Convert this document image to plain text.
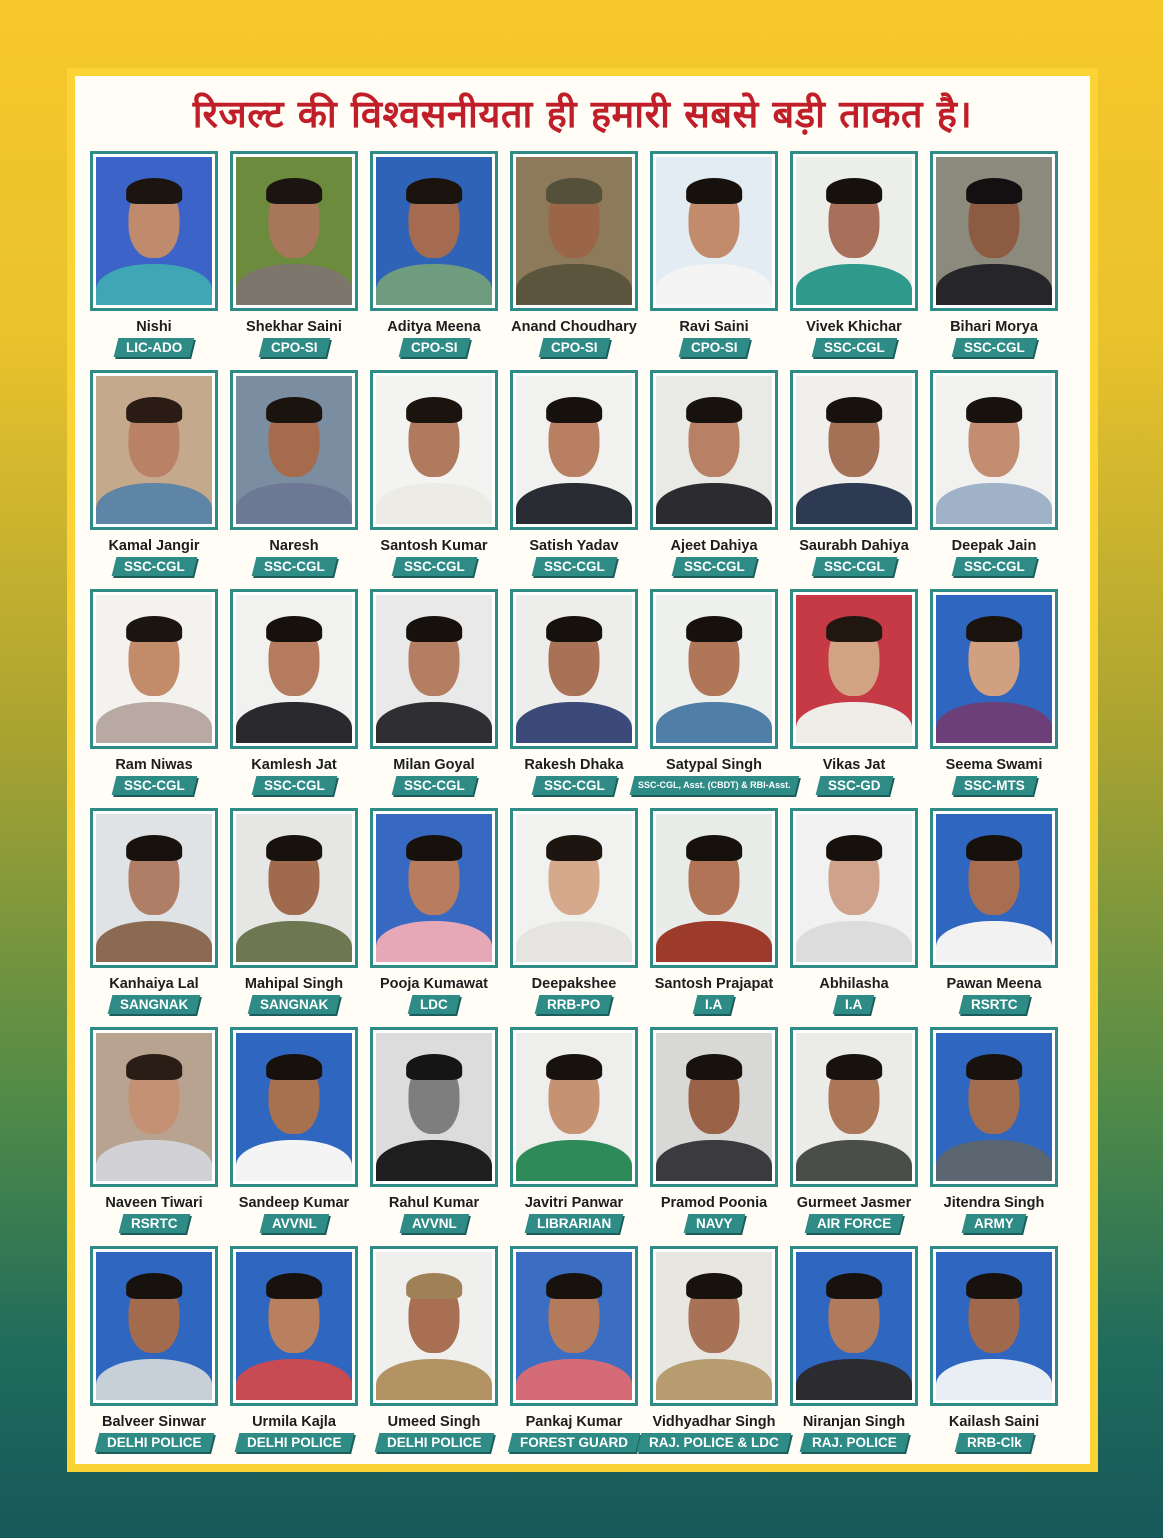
रिजल्ट की विश्वसनीयता ही हमारी सबसे बड़ी ताकत है।
Nishi
LIC-ADO
Shekhar Saini
CPO-SI
Aditya Meena
CPO-SI
Anand Choudhary
CPO-SI
Ravi Saini
CPO-SI
Vivek Khichar
SSC-CGL
Bihari Morya
SSC-CGL
Kamal Jangir
SSC-CGL
Naresh
SSC-CGL
Santosh Kumar
SSC-CGL
Satish Yadav
SSC-CGL
Ajeet Dahiya
SSC-CGL
Saurabh Dahiya
SSC-CGL
Deepak Jain
SSC-CGL
Ram Niwas
SSC-CGL
Kamlesh Jat
SSC-CGL
Milan Goyal
SSC-CGL
Rakesh Dhaka
SSC-CGL
Satypal Singh
SSC-CGL, Asst. (CBDT) & RBI-Asst.
Vikas Jat
SSC-GD
Seema Swami
SSC-MTS
Kanhaiya Lal
SANGNAK
Mahipal Singh
SANGNAK
Pooja Kumawat
LDC
Deepakshee
RRB-PO
Santosh Prajapat
I.A
Abhilasha
I.A
Pawan Meena
RSRTC
Naveen Tiwari
RSRTC
Sandeep Kumar
AVVNL
Rahul Kumar
AVVNL
Javitri Panwar
LIBRARIAN
Pramod Poonia
NAVY
Gurmeet Jasmer
AIR FORCE
Jitendra Singh
ARMY
Balveer Sinwar
DELHI POLICE
Urmila Kajla
DELHI POLICE
Umeed Singh
DELHI POLICE
Pankaj Kumar
FOREST GUARD
Vidhyadhar Singh
RAJ. POLICE & LDC
Niranjan Singh
RAJ. POLICE
Kailash Saini
RRB-Clk
